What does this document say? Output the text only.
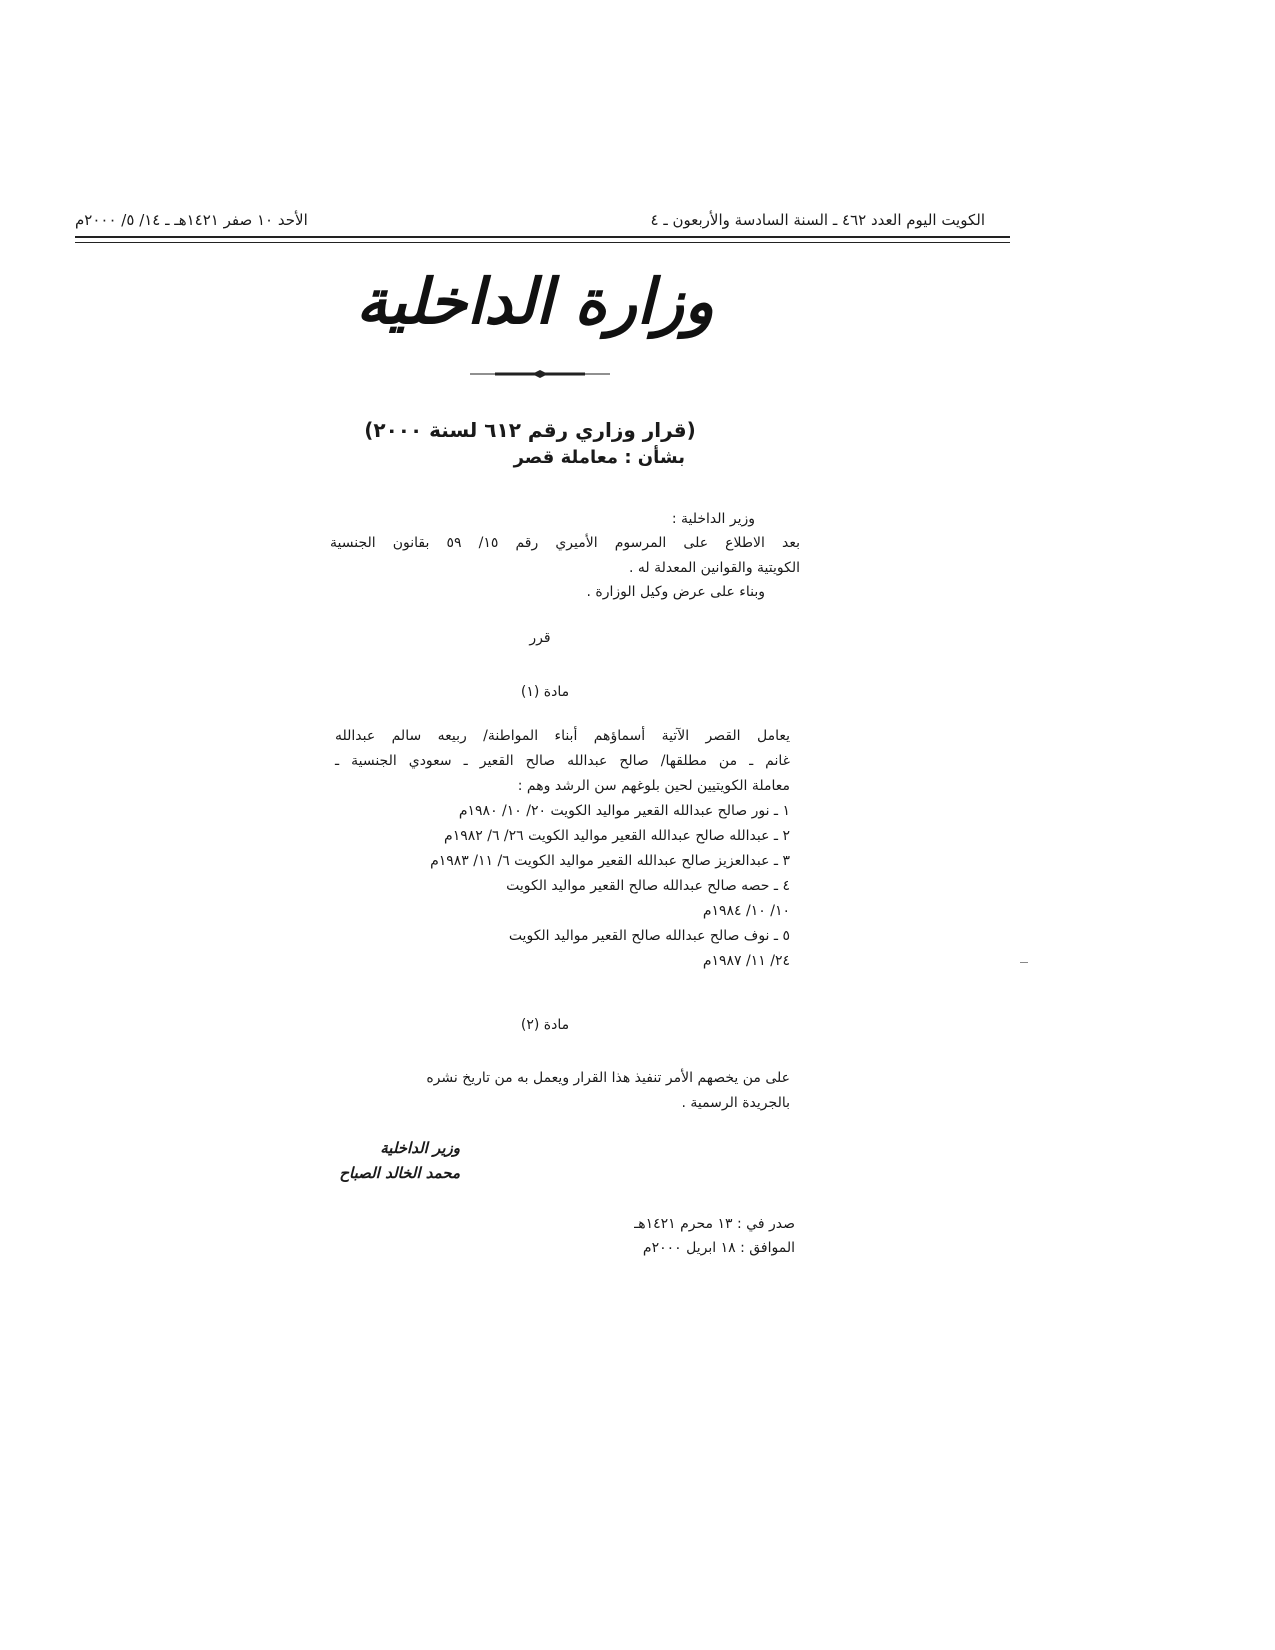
الكويت اليوم العدد ٤٦٢ ـ السنة السادسة والأربعون ـ ٤
الأحد ١٠ صفر ١٤٢١هـ ـ ١٤/ ٥/ ٢٠٠٠م
وزارة الداخلية
(قرار وزاري رقم ٦١٢ لسنة ٢٠٠٠)
بشأن : معاملة قصر
وزير الداخلية :
بعد الاطلاع على المرسوم الأميري رقم ١٥/ ٥٩ بقانون الجنسية
الكويتية والقوانين المعدلة له .
وبناء على عرض وكيل الوزارة .
قرر
مادة (١)
يعامل القصر الآتية أسماؤهم أبناء المواطنة/ ربيعه سالم عبدالله
غانم ـ من مطلقها/ صالح عبدالله صالح القعير ـ سعودي الجنسية ـ
معاملة الكويتيين لحين بلوغهم سن الرشد وهم :
١ ـ نور صالح عبدالله القعير مواليد الكويت ٢٠/ ١٠/ ١٩٨٠م
٢ ـ عبدالله صالح عبدالله القعير مواليد الكويت ٢٦/ ٦/ ١٩٨٢م
٣ ـ عبدالعزيز صالح عبدالله القعير مواليد الكويت ٦/ ١١/ ١٩٨٣م
٤ ـ حصه صالح عبدالله صالح القعير مواليد الكويت
١٠/ ١٠/ ١٩٨٤م
٥ ـ نوف صالح عبدالله صالح القعير مواليد الكويت
٢٤/ ١١/ ١٩٨٧م
مادة (٢)
على من يخصهم الأمر تنفيذ هذا القرار ويعمل به من تاريخ نشره
بالجريدة الرسمية .
وزير الداخلية
محمد الخالد الصباح
صدر في : ١٣ محرم ١٤٢١هـ
الموافق : ١٨ ابريل ٢٠٠٠م
